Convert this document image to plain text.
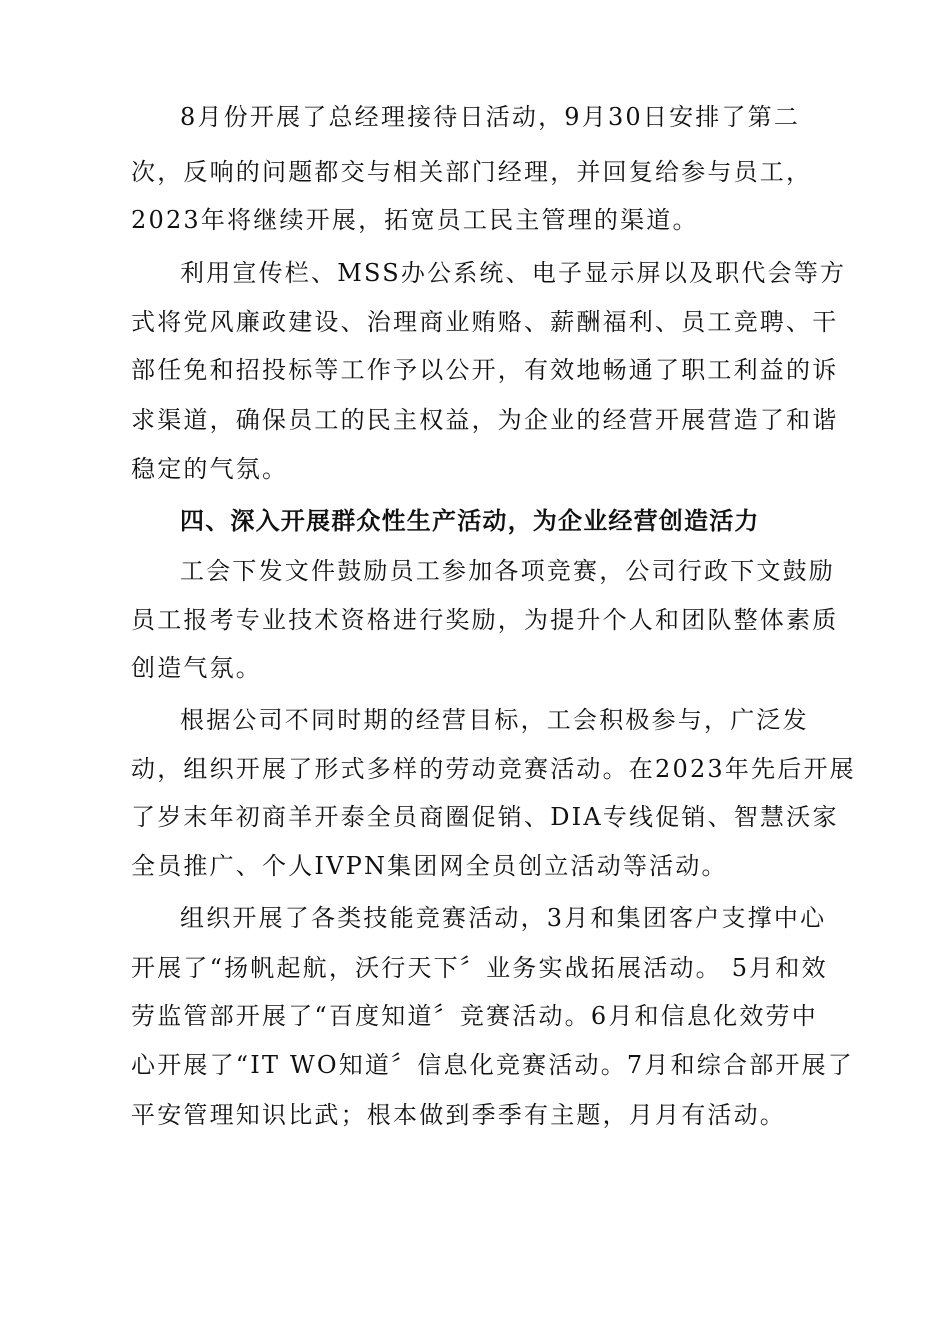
8月份开展了总经理接待日活动，9月30日安排了第二
次，反响的问题都交与相关部门经理，并回复给参与员工，
2023年将继续开展，拓宽员工民主管理的渠道。
利用宣传栏、MSS办公系统、电子显示屏以及职代会等方
式将党风廉政建设、治理商业贿赂、薪酬福利、员工竞聘、干
部任免和招投标等工作予以公开，有效地畅通了职工利益的诉
求渠道，确保员工的民主权益，为企业的经营开展营造了和谐
稳定的气氛。
四、深入开展群众性生产活动，为企业经营创造活力
工会下发文件鼓励员工参加各项竞赛，公司行政下文鼓励
员工报考专业技术资格进行奖励，为提升个人和团队整体素质
创造气氛。
根据公司不同时期的经营目标，工会积极参与，广泛发
动，组织开展了形式多样的劳动竞赛活动。在2023年先后开展
了岁末年初商羊开泰全员商圈促销、DIA专线促销、智慧沃家
全员推广、个人IVPN集团网全员创立活动等活动。
组织开展了各类技能竞赛活动，3月和集团客户支撑中心
开展了“扬帆起航，沃行天下〞业务实战拓展活动。 5月和效
劳监管部开展了“百度知道〞竞赛活动。6月和信息化效劳中
心开展了“IT WO知道〞信息化竞赛活动。7月和综合部开展了
平安管理知识比武；根本做到季季有主题，月月有活动。
